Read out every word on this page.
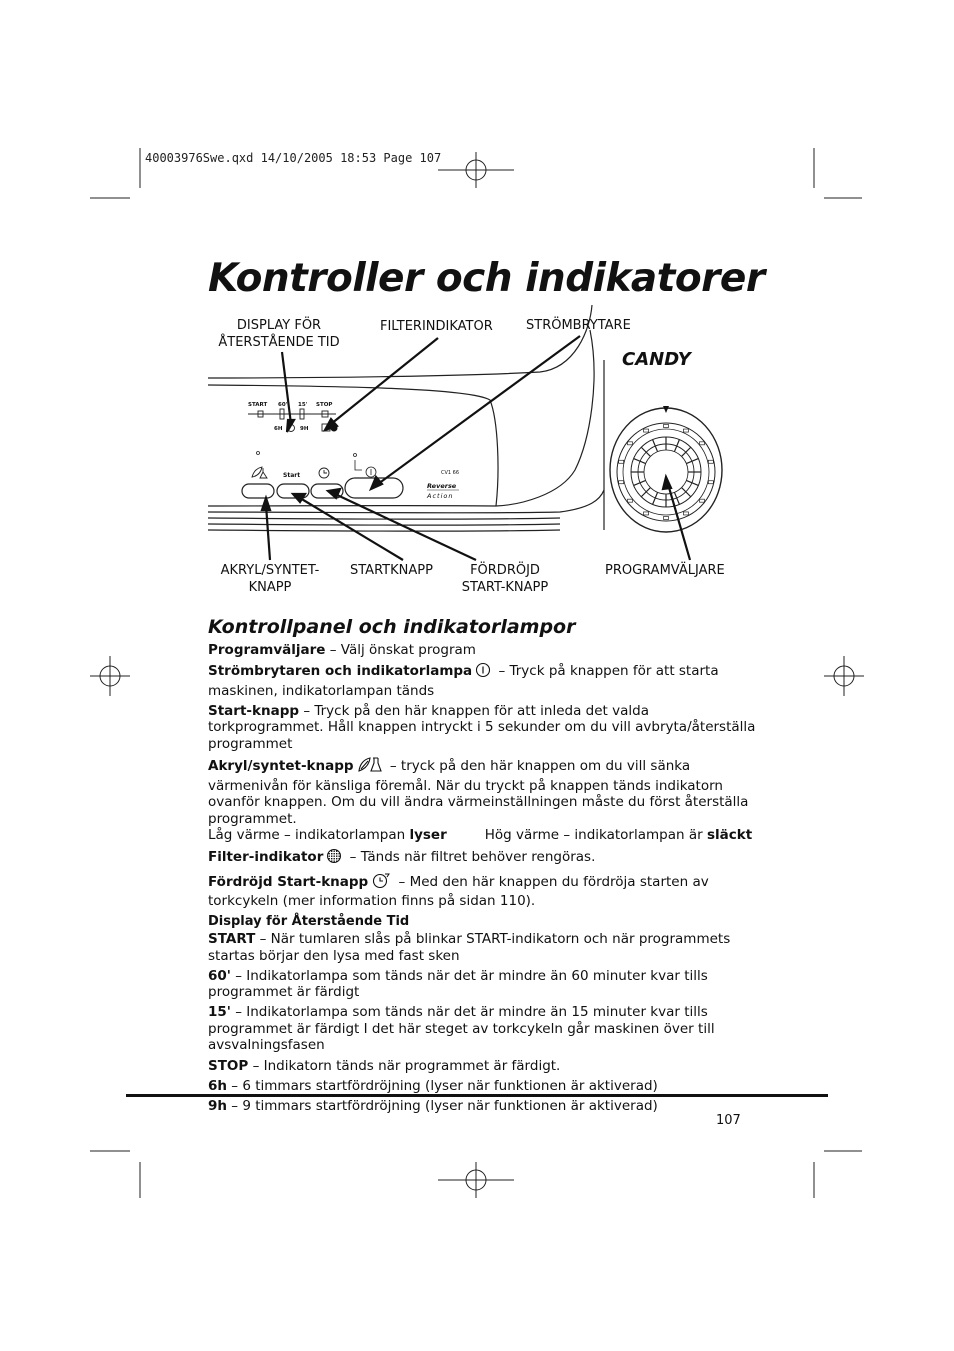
40003976Swe.qxd 14/10/2005 18:53 Page 107
Kontroller och indikatorer
CANDY
START 60' 15' STOP
6H	9H
Start	CV1 66
Reverse
Action
DISPLAY FÖR
ÅTERSTÅENDE TID
FILTERINDIKATOR	STRÖMBRYTARE
AKRYL/SYNTET-
KNAPP
STARTKNAPP	FÖRDRÖJD
START-KNAPP
PROGRAMVÄLJARE
Kontrollpanel och indikatorlampor

Programväljare – Välj önskat program

Strömbrytaren och indikatorlampa – Tryck på knappen för att starta maskinen, indikatorlampan tänds

Start-knapp – Tryck på den här knappen för att inleda det valda torkprogrammet. Håll knappen intryckt i 5 sekunder om du vill avbryta/återställa programmet

Akryl/syntet-knapp – tryck på den här knappen om du vill sänka värmenivån för känsliga föremål. När du tryckt på knappen tänds indikatorn ovanför knappen. Om du vill ändra värmeinställningen måste du först återställa programmet.

Låg värme – indikatorlampan lyser	Hög värme – indikatorlampan är släckt

Filter-indikator – Tänds när filtret behöver rengöras.

Fördröjd Start-knapp – Med den här knappen du fördröja starten av torkcykeln (mer information finns på sidan 110).

Display för Återstående Tid

START – När tumlaren slås på blinkar START-indikatorn och när programmets startas börjar den lysa med fast sken

60' – Indikatorlampa som tänds när det är mindre än 60 minuter kvar tills programmet är färdigt

15' – Indikatorlampa som tänds när det är mindre än 15 minuter kvar tills programmet är färdigt I det här steget av torkcykeln går maskinen över till avsvalningsfasen

STOP – Indikatorn tänds när programmet är färdigt.

6h – 6 timmars startfördröjning (lyser när funktionen är aktiverad)

9h – 9 timmars startfördröjning (lyser när funktionen är aktiverad)

107
